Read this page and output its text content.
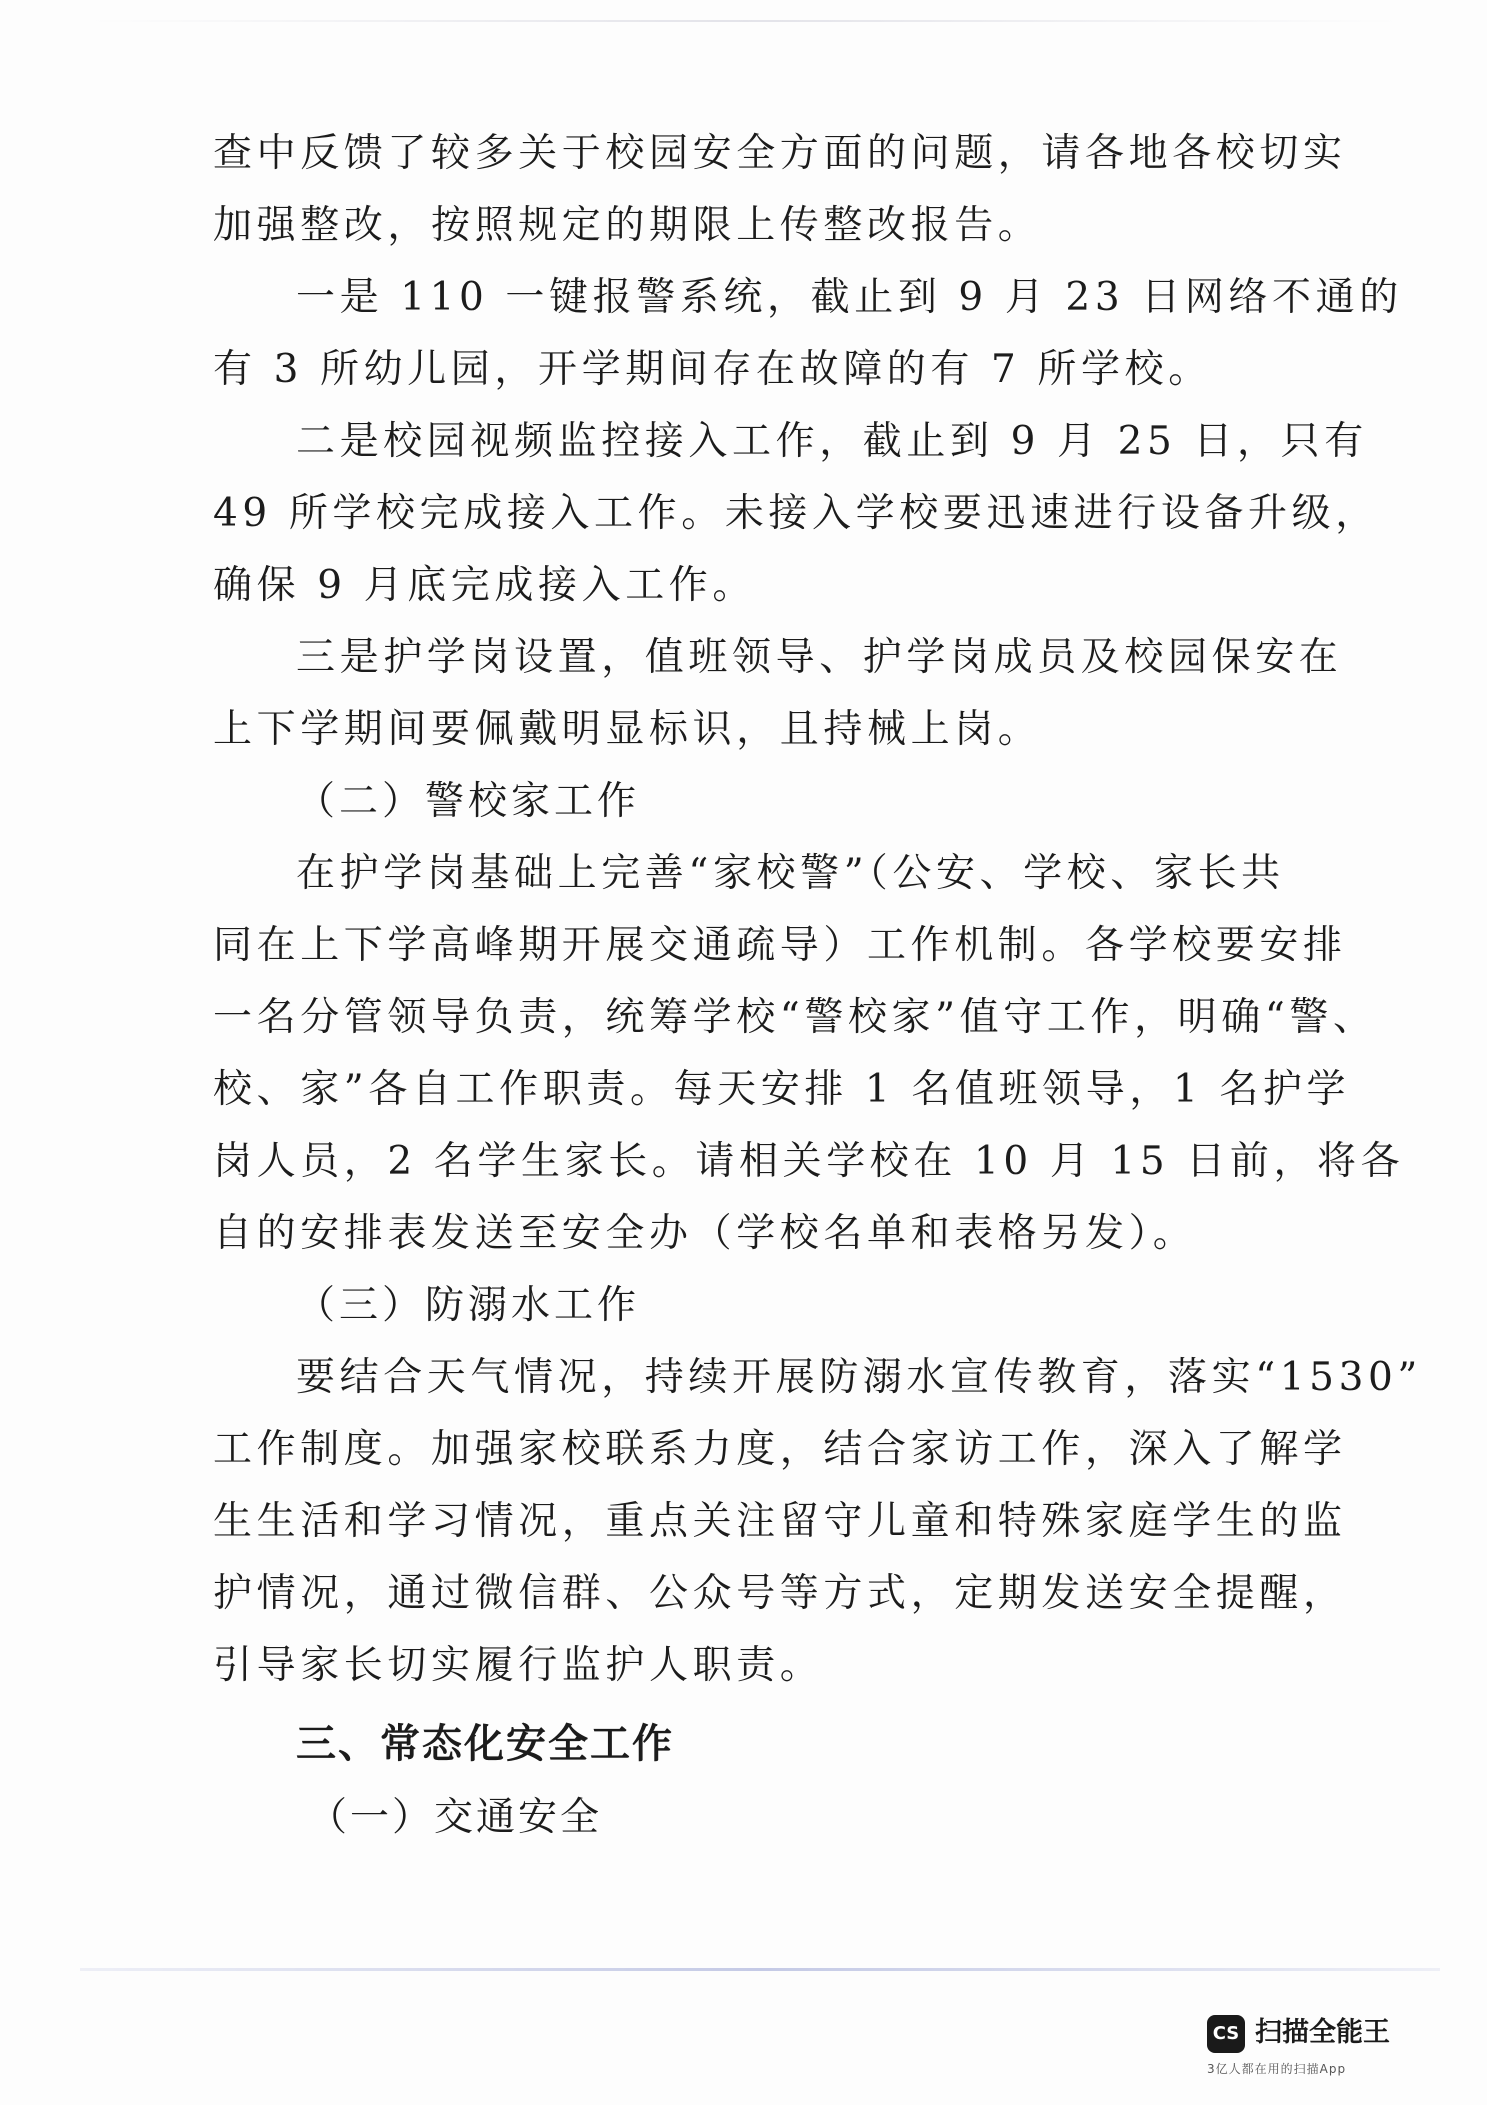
查中反馈了较多关于校园安全方面的问题，请各地各校切实
加强整改，按照规定的期限上传整改报告。
一是 110 一键报警系统，截止到 9 月 23 日网络不通的
有 3 所幼儿园，开学期间存在故障的有 7 所学校。
二是校园视频监控接入工作，截止到 9 月 25 日，只有
49 所学校完成接入工作。未接入学校要迅速进行设备升级，
确保 9 月底完成接入工作。
三是护学岗设置，值班领导、护学岗成员及校园保安在
上下学期间要佩戴明显标识，且持械上岗。
（二）警校家工作
在护学岗基础上完善“家校警”（公安、学校、家长共
同在上下学高峰期开展交通疏导）工作机制。各学校要安排
一名分管领导负责，统筹学校“警校家”值守工作，明确“警、
校、家”各自工作职责。每天安排 1 名值班领导，1 名护学
岗人员，2 名学生家长。请相关学校在 10 月 15 日前，将各
自的安排表发送至安全办（学校名单和表格另发）。
（三）防溺水工作
要结合天气情况，持续开展防溺水宣传教育，落实“1530”
工作制度。加强家校联系力度，结合家访工作，深入了解学
生生活和学习情况，重点关注留守儿童和特殊家庭学生的监
护情况，通过微信群、公众号等方式，定期发送安全提醒，
引导家长切实履行监护人职责。
三、常态化安全工作
（一）交通安全
CS 扫描全能王
3亿人都在用的扫描App
